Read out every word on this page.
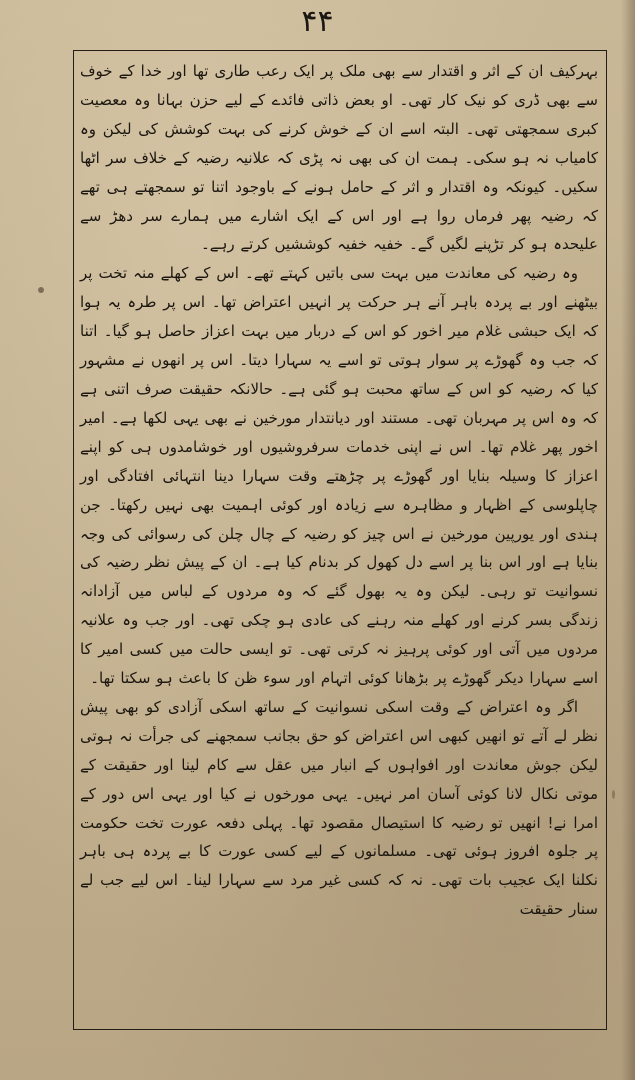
۴۴

بہرکیف ان کے اثر و اقتدار سے بھی ملک پر ایک رعب طاری تھا اور خدا کے خوف سے بھی ڈری کو نیک کار تھی۔ او بعض ذاتی فائدے کے لیے حزن بہانا وہ معصیت کبری سمجھتی تھی۔ البتہ اسے ان کے خوش کرنے کی بہت کوشش کی لیکن وہ کامیاب نہ ہو سکی۔ ہمت ان کی بھی نہ پڑی کہ علانیہ رضیہ کے خلاف سر اٹھا سکیں۔ کیونکہ وہ اقتدار و اثر کے حامل ہونے کے باوجود اتنا تو سمجھتے ہی تھے کہ رضیہ پھر فرماں روا ہے اور اس کے ایک اشارے میں ہمارے سر دھڑ سے علیحدہ ہو کر تڑپنے لگیں گے۔ خفیہ خفیہ کوششیں کرتے رہے۔

وہ رضیہ کی معاندت میں بہت سی باتیں کہتے تھے۔ اس کے کھلے منہ تخت پر بیٹھنے اور بے پردہ باہر آنے ہر حرکت پر انہیں اعتراض تھا۔ اس پر طرہ یہ ہوا کہ ایک حبشی غلام میر اخور کو اس کے دربار میں بہت اعزاز حاصل ہو گیا۔ اتنا کہ جب وہ گھوڑے پر سوار ہوتی تو اسے یہ سہارا دیتا۔ اس پر انھوں نے مشہور کیا کہ رضیہ کو اس کے ساتھ محبت ہو گئی ہے۔ حالانکہ حقیقت صرف اتنی ہے کہ وہ اس پر مہربان تھی۔ مستند اور دیانتدار مورخین نے بھی یہی لکھا ہے۔ امیر اخور پھر غلام تھا۔ اس نے اپنی خدمات سرفروشیوں اور خوشامدوں ہی کو اپنے اعزاز کا وسیلہ بنایا اور گھوڑے پر چڑھتے وقت سہارا دینا انتہائی افتادگی اور چاپلوسی کے اظہار و مظاہرہ سے زیادہ اور کوئی اہمیت بھی نہیں رکھتا۔ جن ہندی اور یورپین مورخین نے اس چیز کو رضیہ کے چال چلن کی رسوائی کی وجہ بنایا ہے اور اس بنا پر اسے دل کھول کر بدنام کیا ہے۔ ان کے پیش نظر رضیہ کی نسوانیت تو رہی۔ لیکن وہ یہ بھول گئے کہ وہ مردوں کے لباس میں آزادانہ زندگی بسر کرنے اور کھلے منہ رہنے کی عادی ہو چکی تھی۔ اور جب وہ علانیہ مردوں میں آتی اور کوئی پرہیز نہ کرتی تھی۔ تو ایسی حالت میں کسی امیر کا اسے سہارا دیکر گھوڑے پر بڑھانا کوئی اتہام اور سوء ظن کا باعث ہو سکتا تھا۔

اگر وہ اعتراض کے وقت اسکی نسوانیت کے ساتھ اسکی آزادی کو بھی پیش نظر لے آتے تو انھیں کبھی اس اعتراض کو حق بجانب سمجھنے کی جرأت نہ ہوتی لیکن جوش معاندت اور افواہوں کے انبار میں عقل سے کام لینا اور حقیقت کے موتی نکال لانا کوئی آسان امر نہیں۔ یہی مورخوں نے کیا اور یہی اس دور کے امرا نے! انھیں تو رضیہ کا استیصال مقصود تھا۔ پہلی دفعہ عورت تخت حکومت پر جلوہ افروز ہوئی تھی۔ مسلمانوں کے لیے کسی عورت کا بے پردہ ہی باہر نکلنا ایک عجیب بات تھی۔ نہ کہ کسی غیر مرد سے سہارا لینا۔ اس لیے جب لے سنار حقیقت
